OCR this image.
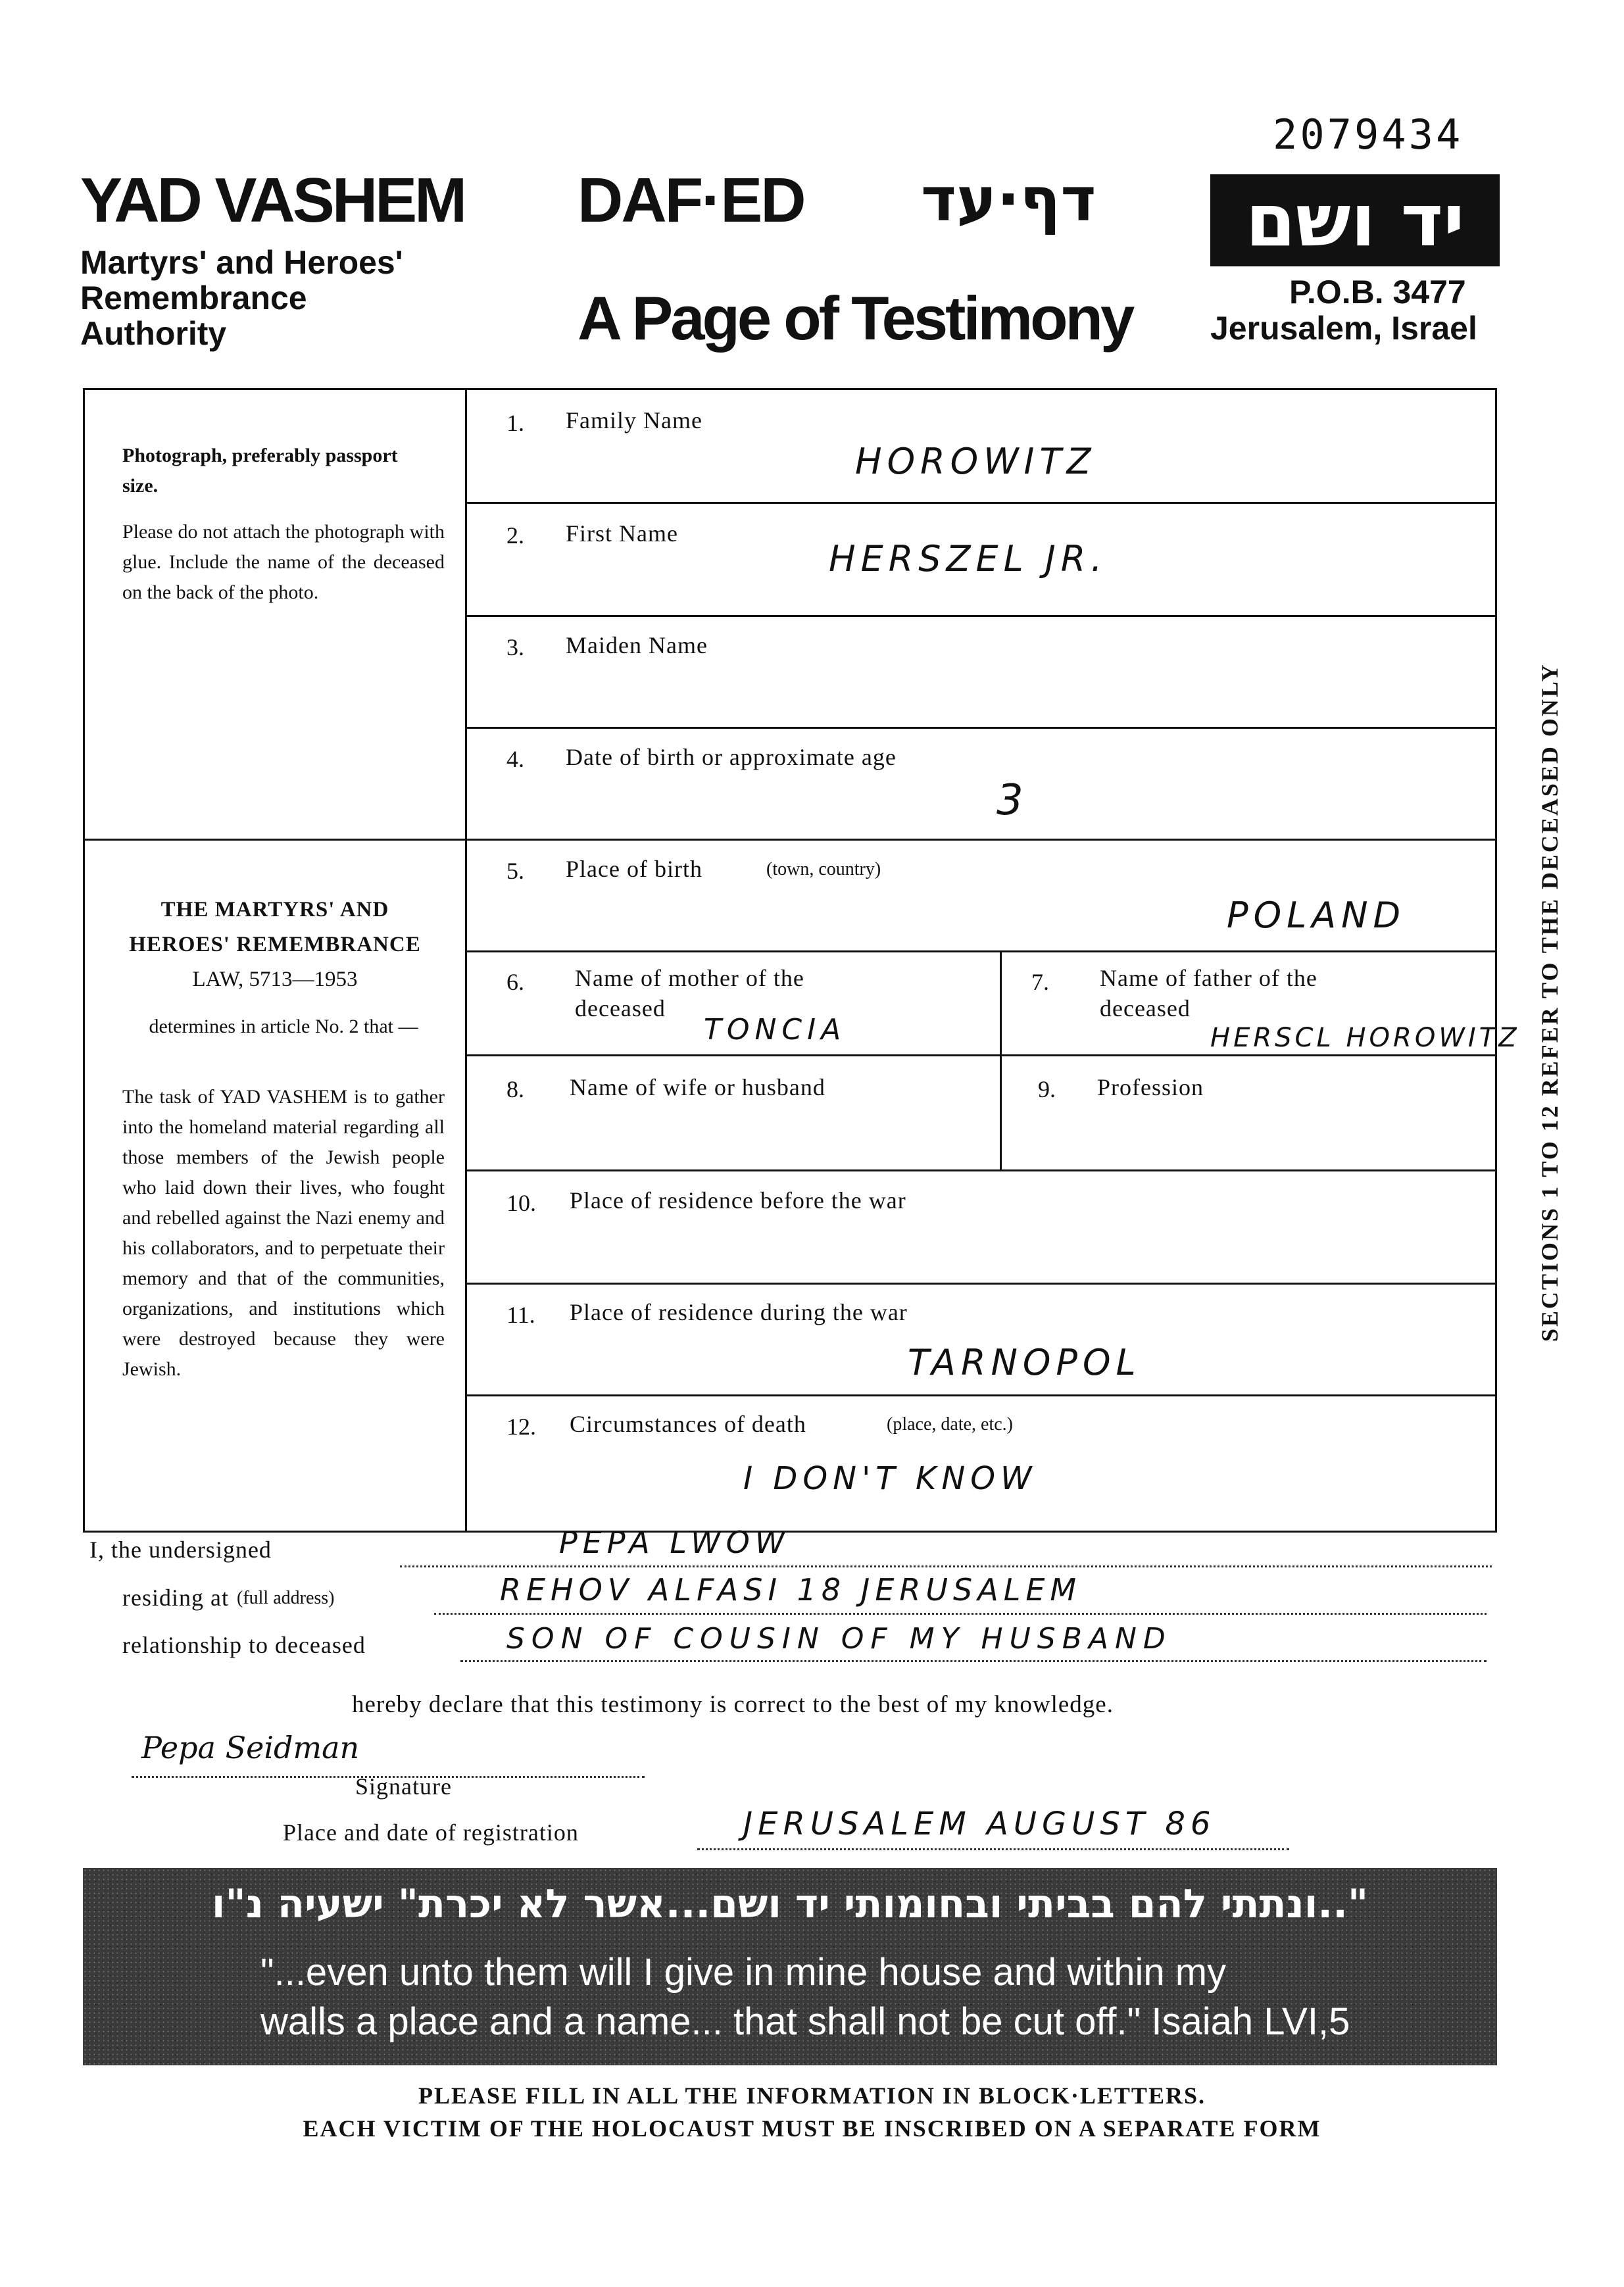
2079434
YAD VASHEM
Martyrs' and Heroes'
Remembrance
Authority
DAF·ED דף·עד
A Page of Testimony
יד ושם
P.O.B. 3477
Jerusalem, Israel
Photograph, preferably passport size.
Please do not attach the photograph with glue. Include the name of the deceased on the back of the photo.
THE MARTYRS' AND
HEROES' REMEMBRANCE
LAW, 5713—1953
determines in article No. 2 that —
The task of YAD VASHEM is to gather into the homeland material regarding all those members of the Jewish people who laid down their lives, who fought and rebelled against the Nazi enemy and his collaborators, and to perpetuate their memory and that of the communities, organizations, and institutions which were destroyed because they were Jewish.
1. Family Name
HOROWITZ
2. First Name
HERSZEL JR.
3. Maiden Name
4. Date of birth or approximate age
3
5. Place of birth	(town, country)
POLAND
6. Name of mother of the
deceased
TONCIA
7. Name of father of the
deceased
HERSCL HOROWITZ
8. Name of wife or husband	9. Profession
10. Place of residence before the war
11. Place of residence during the war
TARNOPOL
12. Circumstances of death	(place, date, etc.)
I DON'T KNOW
I, the undersigned	PEPA LWOW
residing at (full address)	REHOV ALFASI 18 JERUSALEM
relationship to deceased	SON OF COUSIN OF MY HUSBAND
hereby declare that this testimony is correct to the best of my knowledge.
Pepa Seidman
Signature
Place and date of registration	JERUSALEM AUGUST 86
"..ונתתי להם בביתי ובחומותי יד ושם...אשר לא יכרת" ישעיה נ"ו
"...even unto them will I give in mine house and within my
walls a place and a name... that shall not be cut off." Isaiah LVI,5
PLEASE FILL IN ALL THE INFORMATION IN BLOCK·LETTERS.
EACH VICTIM OF THE HOLOCAUST MUST BE INSCRIBED ON A SEPARATE FORM
SECTIONS 1 TO 12 REFER TO THE DECEASED ONLY
